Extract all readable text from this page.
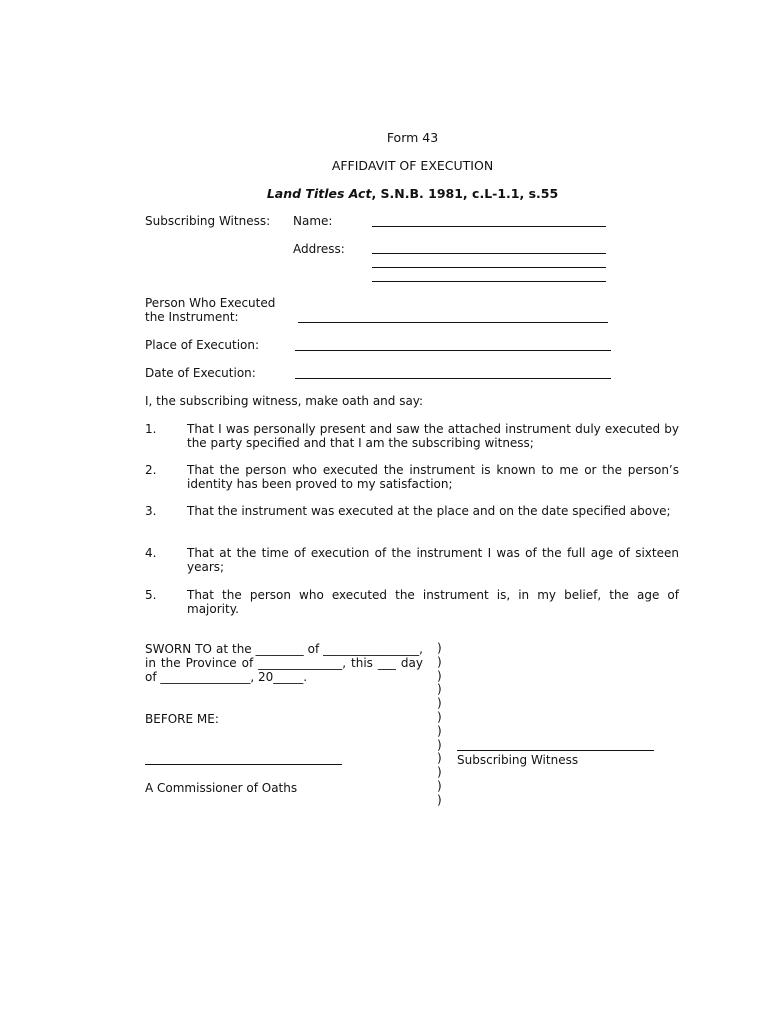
Form 43
AFFIDAVIT OF EXECUTION
Land Titles Act, S.N.B. 1981, c.L-1.1, s.55
Subscribing Witness: Name:
Address:
Person Who Executed
the Instrument:
Place of Execution:
Date of Execution:
I, the subscribing witness, make oath and say:
1.	That I was personally present and saw the attached instrument duly executed by the party specified and that I am the subscribing witness;
2.	That the person who executed the instrument is known to me or the person’s identity has been proved to my satisfaction;
3.	That the instrument was executed at the place and on the date specified above;
4.	That at the time of execution of the instrument I was of the full age of sixteen years;
5.	That the person who executed the instrument is, in my belief, the age of majority.
SWORN TO at the ________ of ________________, in the Province of ______________, this ___ day of _______________, 20_____.
)
)
)
)
)
)
)
)
)
)
)
)
BEFORE ME:
A Commissioner of Oaths
Subscribing Witness
